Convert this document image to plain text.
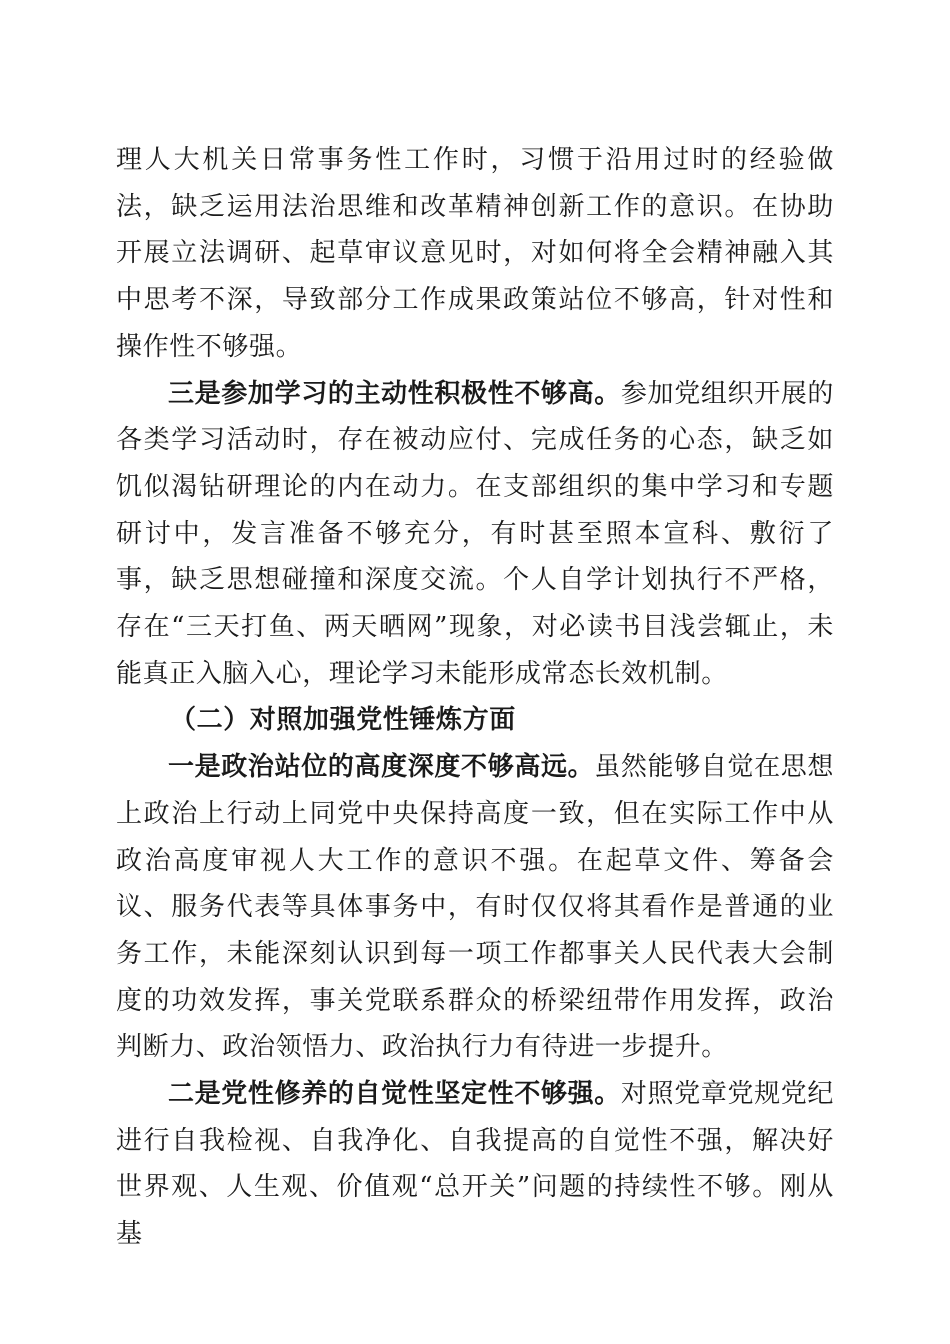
理人大机关日常事务性工作时，习惯于沿用过时的经验做法，缺乏运用法治思维和改革精神创新工作的意识。在协助开展立法调研、起草审议意见时，对如何将全会精神融入其中思考不深，导致部分工作成果政策站位不够高，针对性和操作性不够强。

三是参加学习的主动性积极性不够高。参加党组织开展的各类学习活动时，存在被动应付、完成任务的心态，缺乏如饥似渴钻研理论的内在动力。在支部组织的集中学习和专题研讨中，发言准备不够充分，有时甚至照本宣科、敷衍了事，缺乏思想碰撞和深度交流。个人自学计划执行不严格，存在“三天打鱼、两天晒网”现象，对必读书目浅尝辄止，未能真正入脑入心，理论学习未能形成常态长效机制。

（二）对照加强党性锤炼方面

一是政治站位的高度深度不够高远。虽然能够自觉在思想上政治上行动上同党中央保持高度一致，但在实际工作中从政治高度审视人大工作的意识不强。在起草文件、筹备会议、服务代表等具体事务中，有时仅仅将其看作是普通的业务工作，未能深刻认识到每一项工作都事关人民代表大会制度的功效发挥，事关党联系群众的桥梁纽带作用发挥，政治判断力、政治领悟力、政治执行力有待进一步提升。

二是党性修养的自觉性坚定性不够强。对照党章党规党纪进行自我检视、自我净化、自我提高的自觉性不强，解决好世界观、人生观、价值观“总开关”问题的持续性不够。刚从基
